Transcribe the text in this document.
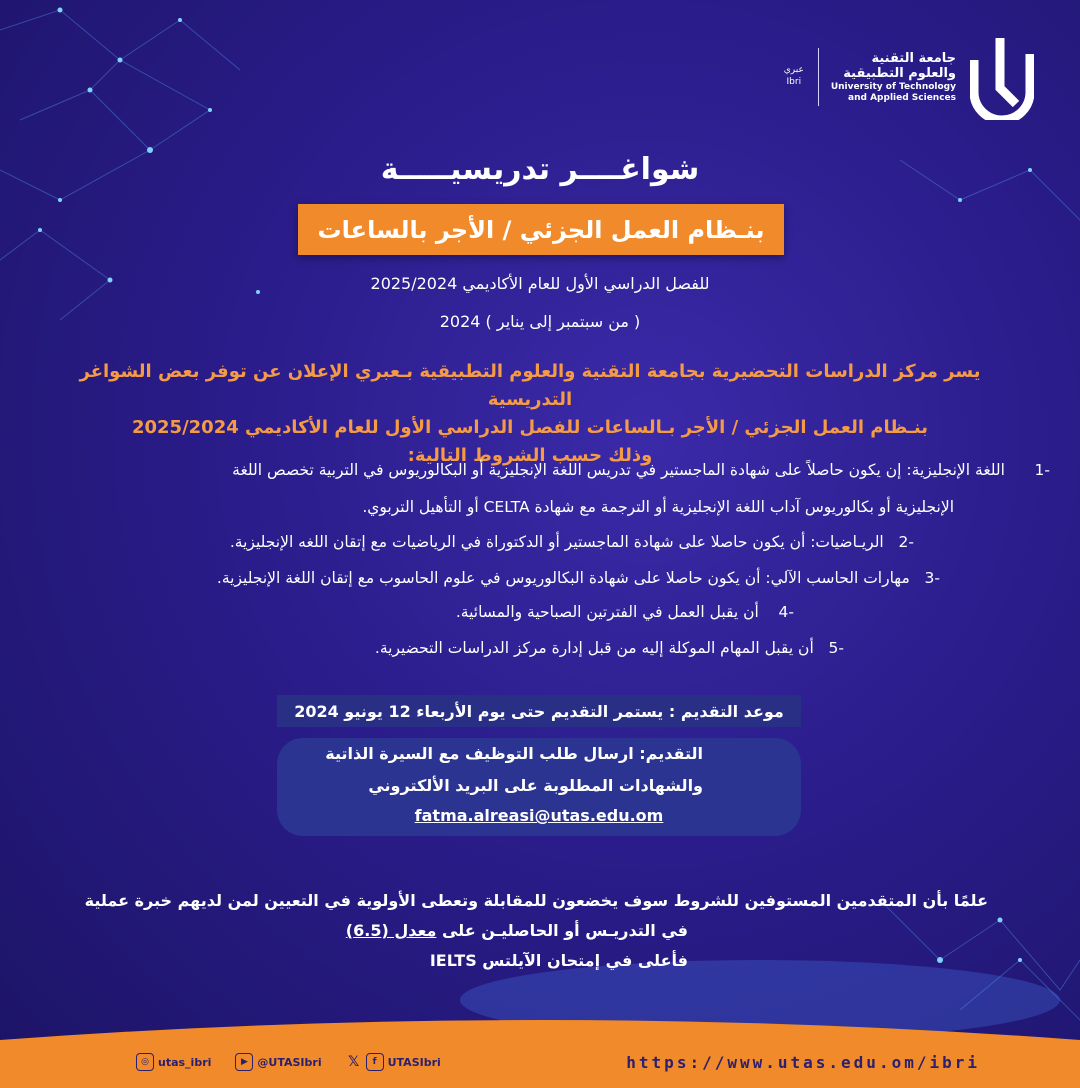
عبري
Ibri
جامعة التقنية
والعلوم التطبيقية
University of Technology
and Applied Sciences
شواغــــر تدريسيـــــة
بنـظام العمل الجزئي / الأجر بالساعات
للفصل الدراسي الأول للعام الأكاديمي 2025/2024
( من سبتمبر إلى يناير ) 2024
يسر مركز الدراسات التحضيرية بجامعة التقنية والعلوم التطبيقية بـعبري الإعلان عن توفر بعض الشواغر التدريسية
بنـظام العمل الجزئي / الأجر بـالساعات للفصل الدراسي الأول للعام الأكاديمي 2025/2024
وذلك حسب الشروط التالية:
-1      اللغة الإنجليزية: إن يكون حاصلاً على شهادة الماجستير في تدريس اللغة الإنجليزية أو البكالوريوس في التربية تخصص اللغة
الإنجليزية أو بكالوريوس آداب اللغة الإنجليزية أو الترجمة مع شهادة CELTA أو التأهيل التربوي.
-2   الريـاضيات: أن يكون حاصلا على شهادة الماجستير أو الدكتوراة في الرياضيات مع إتقان اللغه الإنجليزية.
-3   مهارات الحاسب الآلي: أن يكون حاصلا على شهادة البكالوريوس في علوم الحاسوب مع إتقان اللغة الإنجليزية.
-4    أن يقبل العمل في الفترتين الصباحية والمسائية.
-5   أن يقبل المهام الموكلة إليه من قبل إدارة مركز الدراسات التحضيرية.
موعد التقديم : يستمر التقديم حتى يوم الأربعاء 12 يونيو 2024
التقديم: ارسال طلب التوظيف مع السيرة الذاتية
والشهادات المطلوبة على البريد الألكتروني
fatma.alreasi@utas.edu.om
علمًا بأن المتقدمين المستوفين للشروط سوف يخضعون للمقابلة وتعطى الأولوية في التعيين لمن لديهم خبرة عملية
في التدريـس أو الحاصليـن على معدل (6.5)
فأعلى في إمتحان الآيلتس IELTS
◎ utas_ibri	▶ @UTASIbri 𝕏	f	UTASIbri	https://www.utas.edu.om/ibri
